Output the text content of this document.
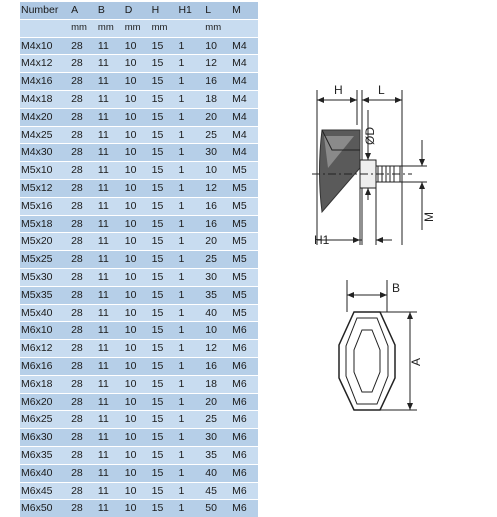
Number	A	B	D	H	H1	L	M
	mm	mm	mm	mm		mm	
M4x10	28	11	10	15	1	10	M4
M4x12	28	11	10	15	1	12	M4
M4x16	28	11	10	15	1	16	M4
M4x18	28	11	10	15	1	18	M4
M4x20	28	11	10	15	1	20	M4
M4x25	28	11	10	15	1	25	M4
M4x30	28	11	10	15	1	30	M4
M5x10	28	11	10	15	1	10	M5
M5x12	28	11	10	15	1	12	M5
M5x16	28	11	10	15	1	16	M5
M5x18	28	11	10	15	1	16	M5
M5x20	28	11	10	15	1	20	M5
M5x25	28	11	10	15	1	25	M5
M5x30	28	11	10	15	1	30	M5
M5x35	28	11	10	15	1	35	M5
M5x40	28	11	10	15	1	40	M5
M6x10	28	11	10	15	1	10	M6
M6x12	28	11	10	15	1	12	M6
M6x16	28	11	10	15	1	16	M6
M6x18	28	11	10	15	1	18	M6
M6x20	28	11	10	15	1	20	M6
M6x25	28	11	10	15	1	25	M6
M6x30	28	11	10	15	1	30	M6
M6x35	28	11	10	15	1	35	M6
M6x40	28	11	10	15	1	40	M6
M6x45	28	11	10	15	1	45	M6
M6x50	28	11	10	15	1	50	M6
H	L
ØD
M
H1
B
A
